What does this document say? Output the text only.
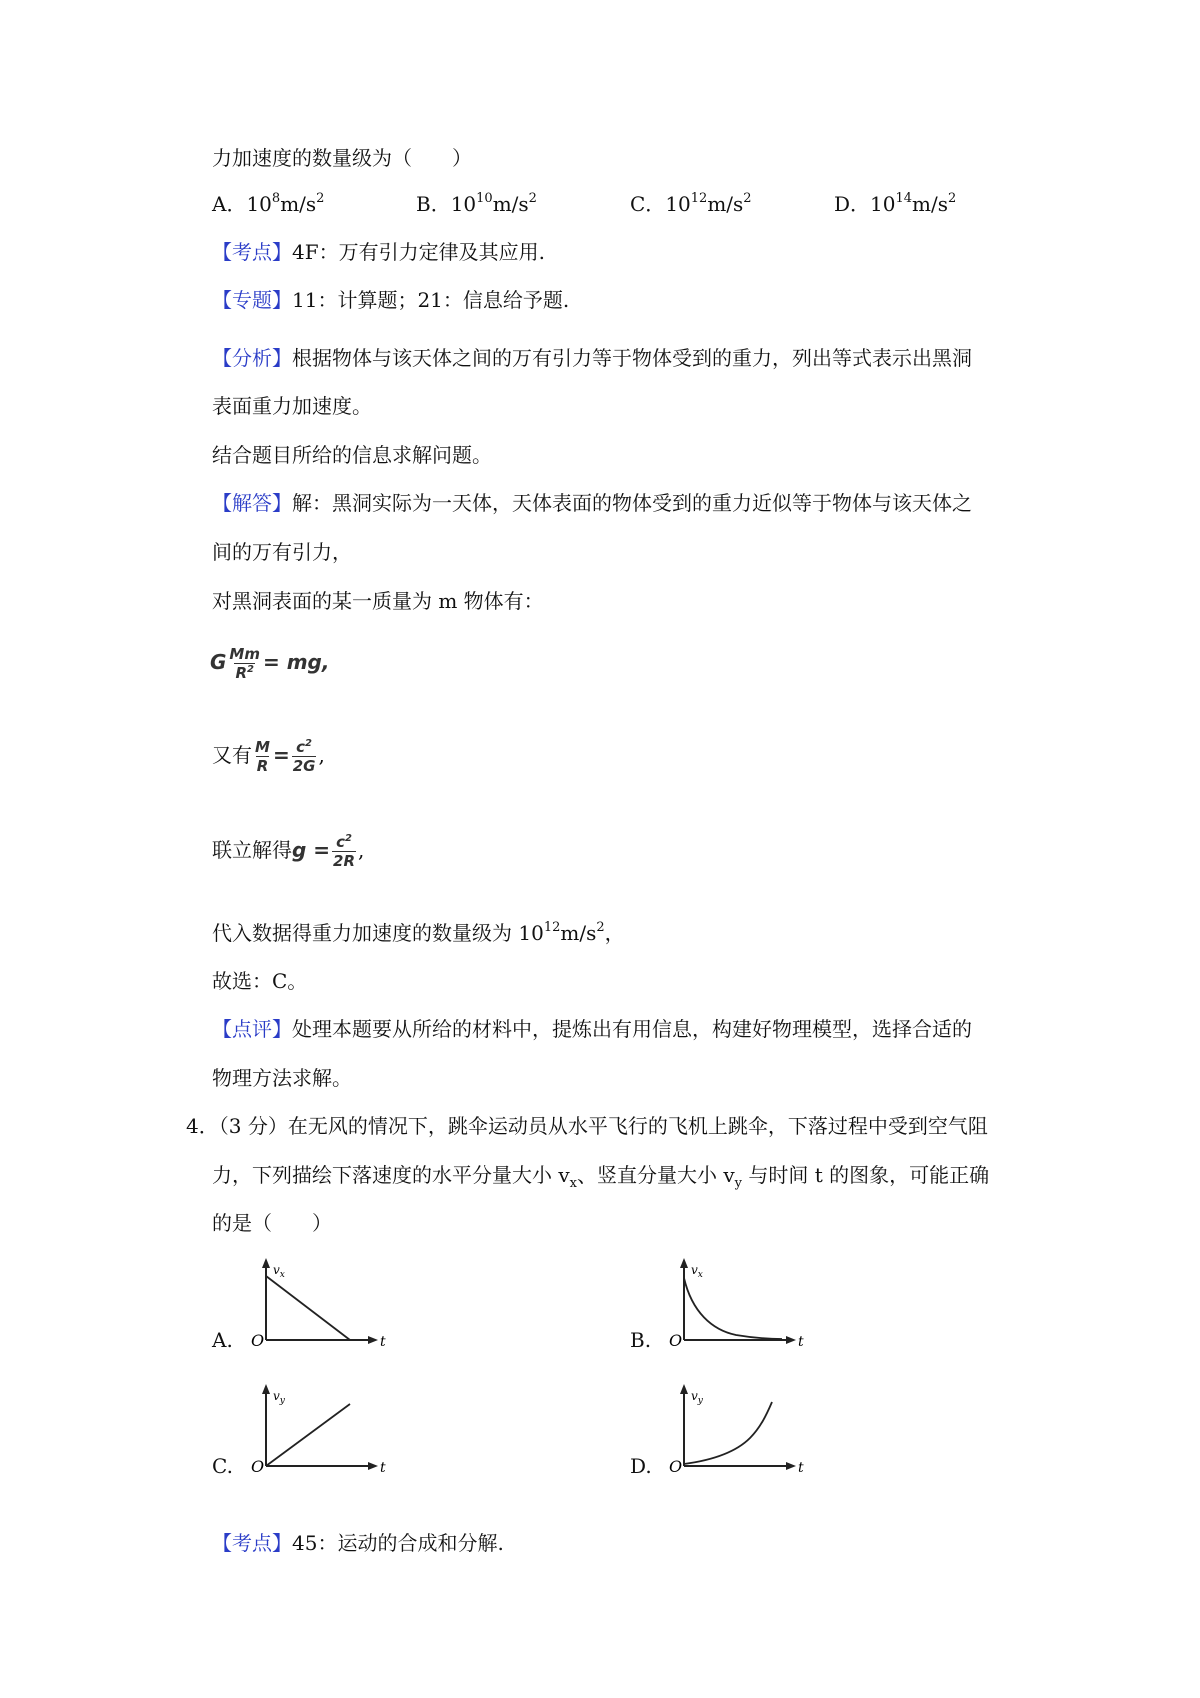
力加速度的数量级为（　　）
A．$10^8m/s^2$	B．$10^{10}m/s^2$	C．$10^{12}m/s^2$	D．$10^{14}m/s^2$
【考点】4F：万有引力定律及其应用.
【专题】11：计算题；21：信息给予题.
【分析】根据物体与该天体之间的万有引力等于物体受到的重力，列出等式表示出黑洞
表面重力加速度。
结合题目所给的信息求解问题。
【解答】解：黑洞实际为一天体，天体表面的物体受到的重力近似等于物体与该天体之
间的万有引力，
对黑洞表面的某一质量为 m 物体有：
G $\frac{Mm}{R^2}$ = mg,
又有 $\frac{M}{R} = \frac{c^2}{2G}$ ,
联立解得$g = \frac{c^2}{2R}$ ,
代入数据得重力加速度的数量级为 $10^{12}m/s^2$，
故选：C。
【点评】处理本题要从所给的材料中，提炼出有用信息，构建好物理模型，选择合适的
物理方法求解。
4．（3 分）在无风的情况下，跳伞运动员从水平飞行的飞机上跳伞，下落过程中受到空气阻
力，下列描绘下落速度的水平分量大小 $v_x$、竖直分量大小 $v_y$ 与时间 t 的图象，可能正确
的是（　　）
A.
$v_x$
t
O	B.
$v_x$
t
O
C.
$v_y$
t
O	D.
$v_y$
t
O
【考点】45：运动的合成和分解.
